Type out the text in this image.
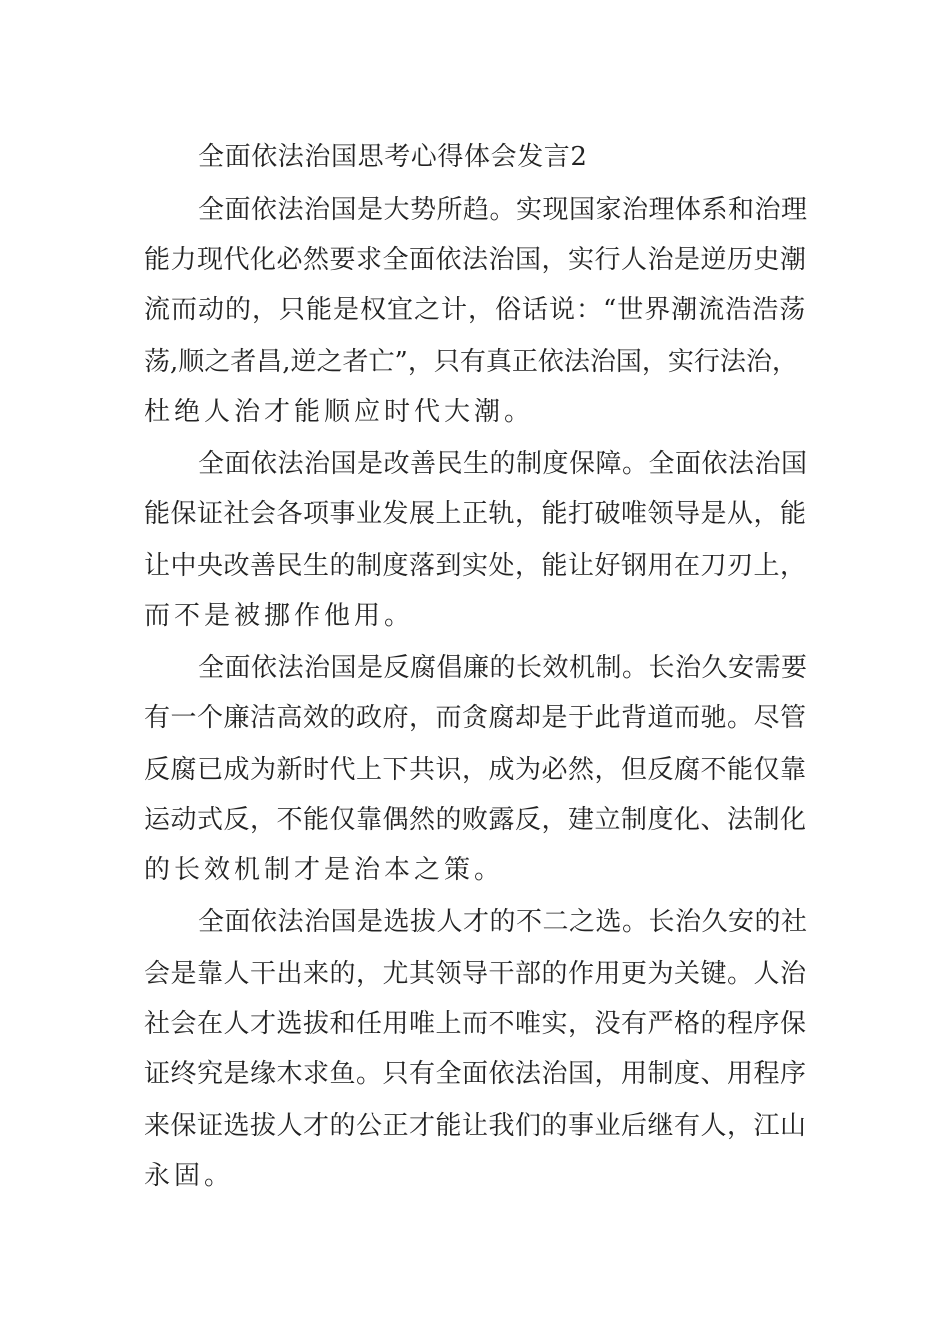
全面依法治国思考心得体会发言2
全面依法治国是大势所趋。实现国家治理体系和治理
能力现代化必然要求全面依法治国，实行人治是逆历史潮
流而动的，只能是权宜之计，俗话说：“世界潮流浩浩荡
荡,顺之者昌,逆之者亡”，只有真正依法治国，实行法治，
杜绝人治才能顺应时代大潮。
全面依法治国是改善民生的制度保障。全面依法治国
能保证社会各项事业发展上正轨，能打破唯领导是从，能
让中央改善民生的制度落到实处，能让好钢用在刀刃上，
而不是被挪作他用。
全面依法治国是反腐倡廉的长效机制。长治久安需要
有一个廉洁高效的政府，而贪腐却是于此背道而驰。尽管
反腐已成为新时代上下共识，成为必然，但反腐不能仅靠
运动式反，不能仅靠偶然的败露反，建立制度化、法制化
的长效机制才是治本之策。
全面依法治国是选拔人才的不二之选。长治久安的社
会是靠人干出来的，尤其领导干部的作用更为关键。人治
社会在人才选拔和任用唯上而不唯实，没有严格的程序保
证终究是缘木求鱼。只有全面依法治国，用制度、用程序
来保证选拔人才的公正才能让我们的事业后继有人，江山
永固。
